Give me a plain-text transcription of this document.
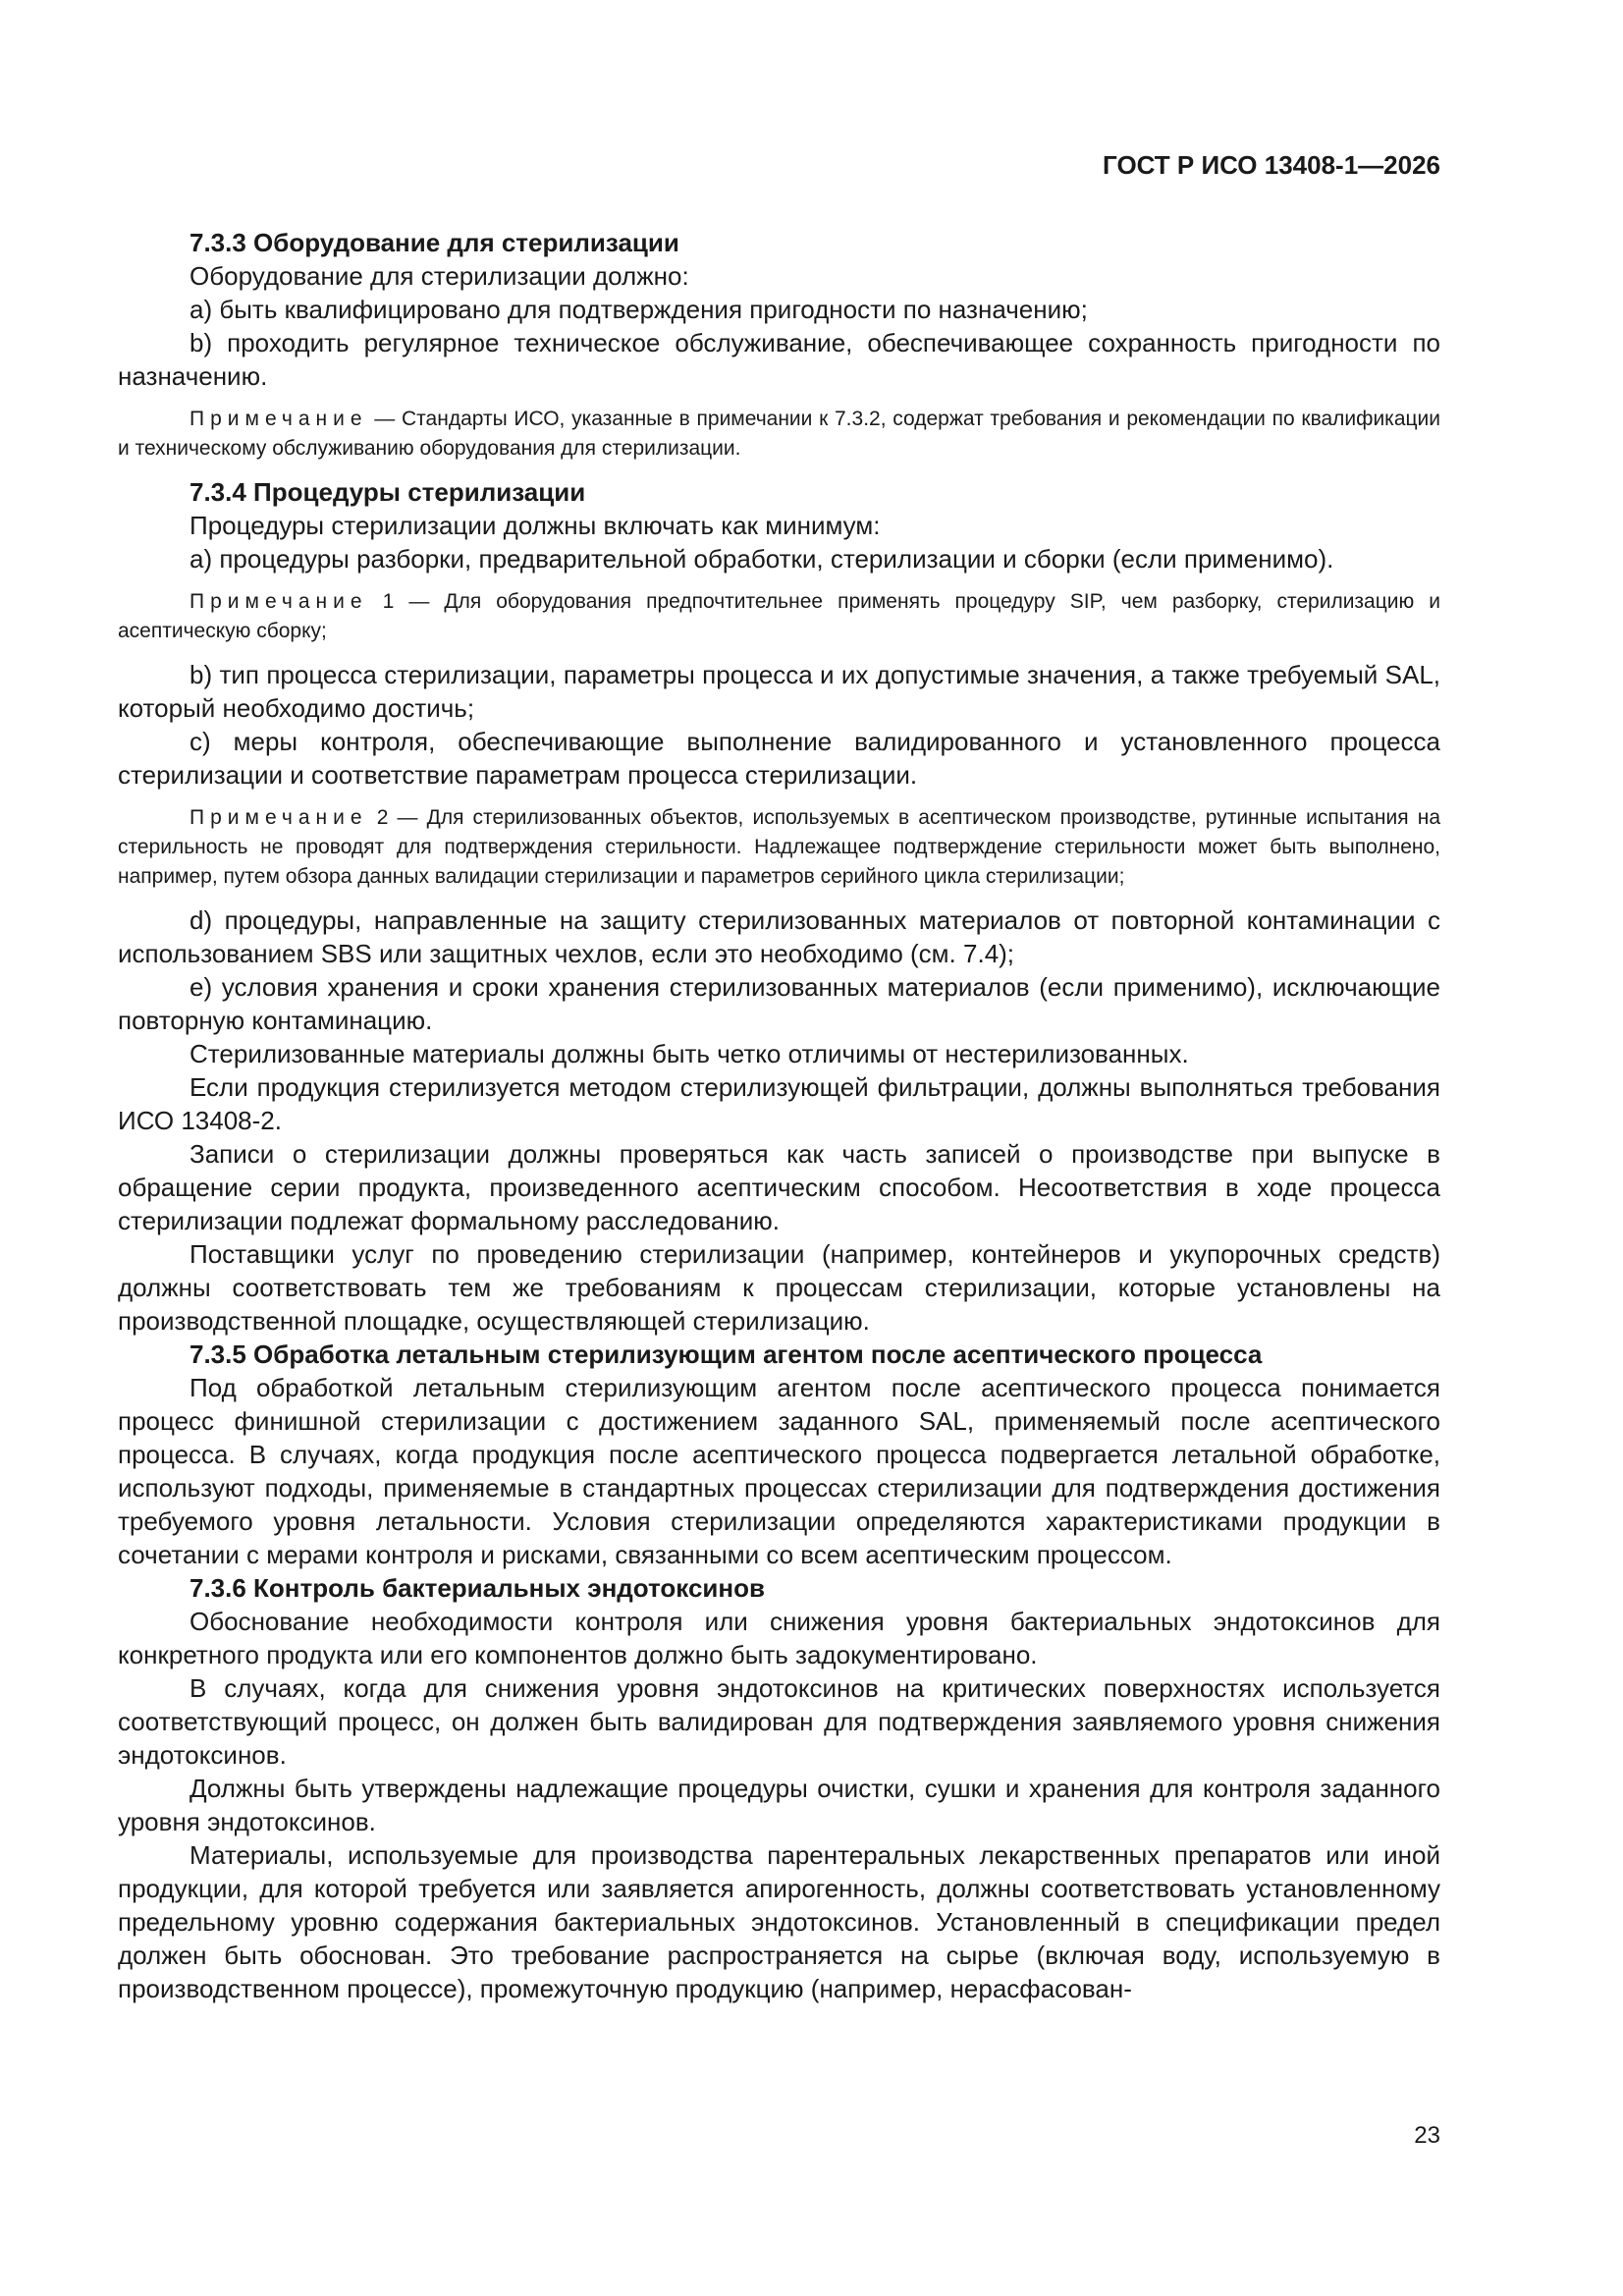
ГОСТ Р ИСО 13408-1—2026

7.3.3 Оборудование для стерилизации

Оборудование для стерилизации должно:

a) быть квалифицировано для подтверждения пригодности по назначению;

b) проходить регулярное техническое обслуживание, обеспечивающее сохранность пригодности по назначению.

Примечание — Стандарты ИСО, указанные в примечании к 7.3.2, содержат требования и рекомендации по квалификации и техническому обслуживанию оборудования для стерилизации.

7.3.4 Процедуры стерилизации

Процедуры стерилизации должны включать как минимум:

a) процедуры разборки, предварительной обработки, стерилизации и сборки (если применимо).

Примечание 1 — Для оборудования предпочтительнее применять процедуру SIP, чем разборку, стерилизацию и асептическую сборку;

b) тип процесса стерилизации, параметры процесса и их допустимые значения, а также требуемый SAL, который необходимо достичь;

c) меры контроля, обеспечивающие выполнение валидированного и установленного процесса стерилизации и соответствие параметрам процесса стерилизации.

Примечание 2 — Для стерилизованных объектов, используемых в асептическом производстве, рутинные испытания на стерильность не проводят для подтверждения стерильности. Надлежащее подтверждение стерильности может быть выполнено, например, путем обзора данных валидации стерилизации и параметров серийного цикла стерилизации;

d) процедуры, направленные на защиту стерилизованных материалов от повторной контаминации с использованием SBS или защитных чехлов, если это необходимо (см. 7.4);

e) условия хранения и сроки хранения стерилизованных материалов (если применимо), исключающие повторную контаминацию.

Стерилизованные материалы должны быть четко отличимы от нестерилизованных.

Если продукция стерилизуется методом стерилизующей фильтрации, должны выполняться требования ИСО 13408-2.

Записи о стерилизации должны проверяться как часть записей о производстве при выпуске в обращение серии продукта, произведенного асептическим способом. Несоответствия в ходе процесса стерилизации подлежат формальному расследованию.

Поставщики услуг по проведению стерилизации (например, контейнеров и укупорочных средств) должны соответствовать тем же требованиям к процессам стерилизации, которые установлены на производственной площадке, осуществляющей стерилизацию.

7.3.5 Обработка летальным стерилизующим агентом после асептического процесса

Под обработкой летальным стерилизующим агентом после асептического процесса понимается процесс финишной стерилизации с достижением заданного SAL, применяемый после асептического процесса. В случаях, когда продукция после асептического процесса подвергается летальной обработке, используют подходы, применяемые в стандартных процессах стерилизации для подтверждения достижения требуемого уровня летальности. Условия стерилизации определяются характеристиками продукции в сочетании с мерами контроля и рисками, связанными со всем асептическим процессом.

7.3.6 Контроль бактериальных эндотоксинов

Обоснование необходимости контроля или снижения уровня бактериальных эндотоксинов для конкретного продукта или его компонентов должно быть задокументировано.

В случаях, когда для снижения уровня эндотоксинов на критических поверхностях используется соответствующий процесс, он должен быть валидирован для подтверждения заявляемого уровня снижения эндотоксинов.

Должны быть утверждены надлежащие процедуры очистки, сушки и хранения для контроля заданного уровня эндотоксинов.

Материалы, используемые для производства парентеральных лекарственных препаратов или иной продукции, для которой требуется или заявляется апирогенность, должны соответствовать установленному предельному уровню содержания бактериальных эндотоксинов. Установленный в спецификации предел должен быть обоснован. Это требование распространяется на сырье (включая воду, используемую в производственном процессе), промежуточную продукцию (например, нерасфасован-

23
